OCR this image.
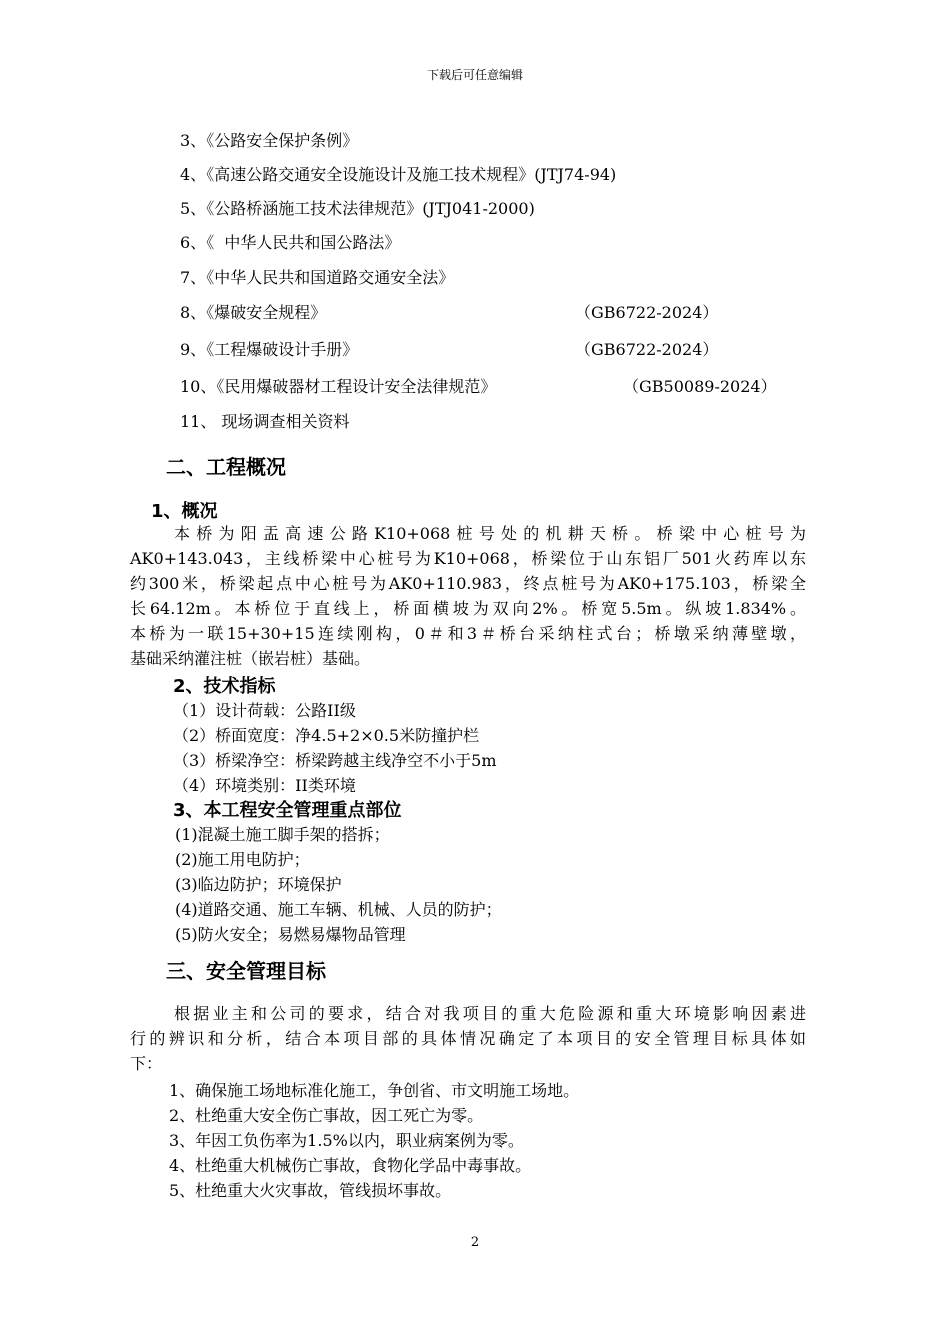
下载后可任意编辑
3、《公路安全保护条例》
4、《高速公路交通安全设施设计及施工技术规程》(JTJ74-94)
5、《公路桥涵施工技术法律规范》(JTJ041-2000)
6、《  中华人民共和国公路法》
7、《中华人民共和国道路交通安全法》
8、《爆破安全规程》	（GB6722-2024）
9、《工程爆破设计手册》	（GB6722-2024）
10、《民用爆破器材工程设计安全法律规范》	（GB50089-2024）
11、 现场调查相关资料
二、工程概况
1、概况
本桥为阳盂高速公路K10+068桩号处的机耕天桥。桥梁中心桩号为
AK0+143.043，主线桥梁中心桩号为K10+068，桥梁位于山东铝厂501火药库以东
约300米，桥梁起点中心桩号为AK0+110.983，终点桩号为AK0+175.103，桥梁全
长64.12m。本桥位于直线上，桥面横坡为双向2%。桥宽5.5m。纵坡1.834%。
本桥为一联15+30+15连续刚构，0＃和3＃桥台采纳柱式台；桥墩采纳薄壁墩，
基础采纳灌注桩（嵌岩桩）基础。
2、技术指标
（1）设计荷载：公路II级
（2）桥面宽度：净4.5+2×0.5米防撞护栏
（3）桥梁净空：桥梁跨越主线净空不小于5m
（4）环境类别：II类环境
3、本工程安全管理重点部位
(1)混凝土施工脚手架的搭拆；
(2)施工用电防护；
(3)临边防护；环境保护
(4)道路交通、施工车辆、机械、人员的防护；
(5)防火安全；易燃易爆物品管理
三、安全管理目标
根据业主和公司的要求，结合对我项目的重大危险源和重大环境影响因素进
行的辨识和分析，结合本项目部的具体情况确定了本项目的安全管理目标具体如
下：
1、确保施工场地标准化施工，争创省、市文明施工场地。
2、杜绝重大安全伤亡事故，因工死亡为零。
3、年因工负伤率为1.5%以内，职业病案例为零。
4、杜绝重大机械伤亡事故，食物化学品中毒事故。
5、杜绝重大火灾事故，管线损坏事故。
2
